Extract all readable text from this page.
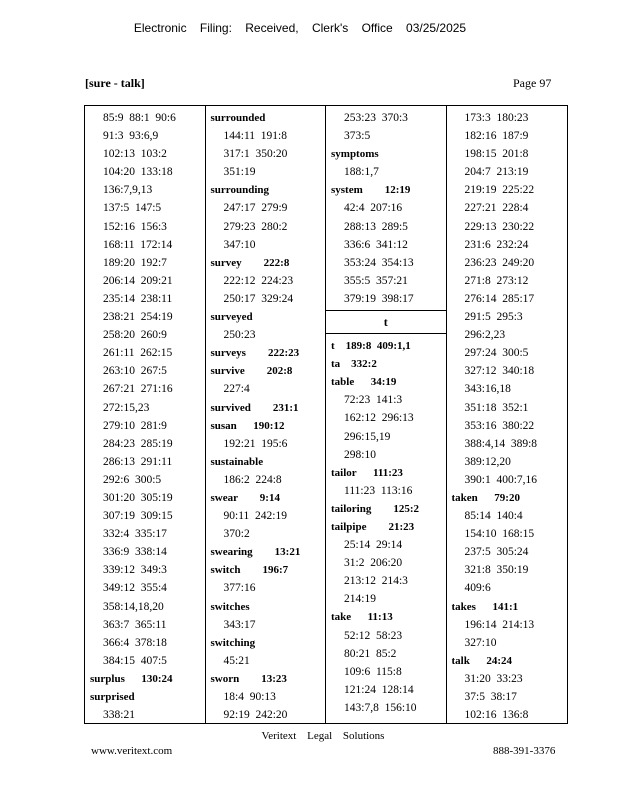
Electronic Filing: Received, Clerk's Office 03/25/2025
[sure - talk]	Page 97
85:9  88:1  90:6
91:3  93:6,9
102:13  103:2
104:20  133:18
136:7,9,13
137:5  147:5
152:16  156:3
168:11  172:14
189:20  192:7
206:14  209:21
235:14  238:11
238:21  254:19
258:20  260:9
261:11  262:15
263:10  267:5
267:21  271:16
272:15,23
279:10  281:9
284:23  285:19
286:13  291:11
292:6  300:5
301:20  305:19
307:19  309:15
332:4  335:17
336:9  338:14
339:12  349:3
349:12  355:4
358:14,18,20
363:7  365:11
366:4  378:18
384:15  407:5
surplus      130:24
surprised
338:21
surrounded
144:11  191:8
317:1  350:20
351:19
surrounding
247:17  279:9
279:23  280:2
347:10
survey        222:8
222:12  224:23
250:17  329:24
surveyed
250:23
surveys        222:23
survive        202:8
227:4
survived        231:1
susan      190:12
192:21  195:6
sustainable
186:2  224:8
swear        9:14
90:11  242:19
370:2
swearing        13:21
switch        196:7
377:16
switches
343:17
switching
45:21
sworn        13:23
18:4  90:13
92:19  242:20
253:23  370:3
373:5
symptoms
188:1,7
system        12:19
42:4  207:16
288:13  289:5
336:6  341:12
353:24  354:13
355:5  357:21
379:19  398:17
t
t    189:8  409:1,1
ta    332:2
table      34:19
72:23  141:3
162:12  296:13
296:15,19
298:10
tailor      111:23
111:23  113:16
tailoring        125:2
tailpipe        21:23
25:14  29:14
31:2  206:20
213:12  214:3
214:19
take      11:13
52:12  58:23
80:21  85:2
109:6  115:8
121:24  128:14
143:7,8  156:10
173:3  180:23
182:16  187:9
198:15  201:8
204:7  213:19
219:19  225:22
227:21  228:4
229:13  230:22
231:6  232:24
236:23  249:20
271:8  273:12
276:14  285:17
291:5  295:3
296:2,23
297:24  300:5
327:12  340:18
343:16,18
351:18  352:1
353:16  380:22
388:4,14  389:8
389:12,20
390:1  400:7,16
taken      79:20
85:14  140:4
154:10  168:15
237:5  305:24
321:8  350:19
409:6
takes      141:1
196:14  214:13
327:10
talk      24:24
31:20  33:23
37:5  38:17
102:16  136:8
Veritext Legal Solutions
www.veritext.com	888-391-3376
